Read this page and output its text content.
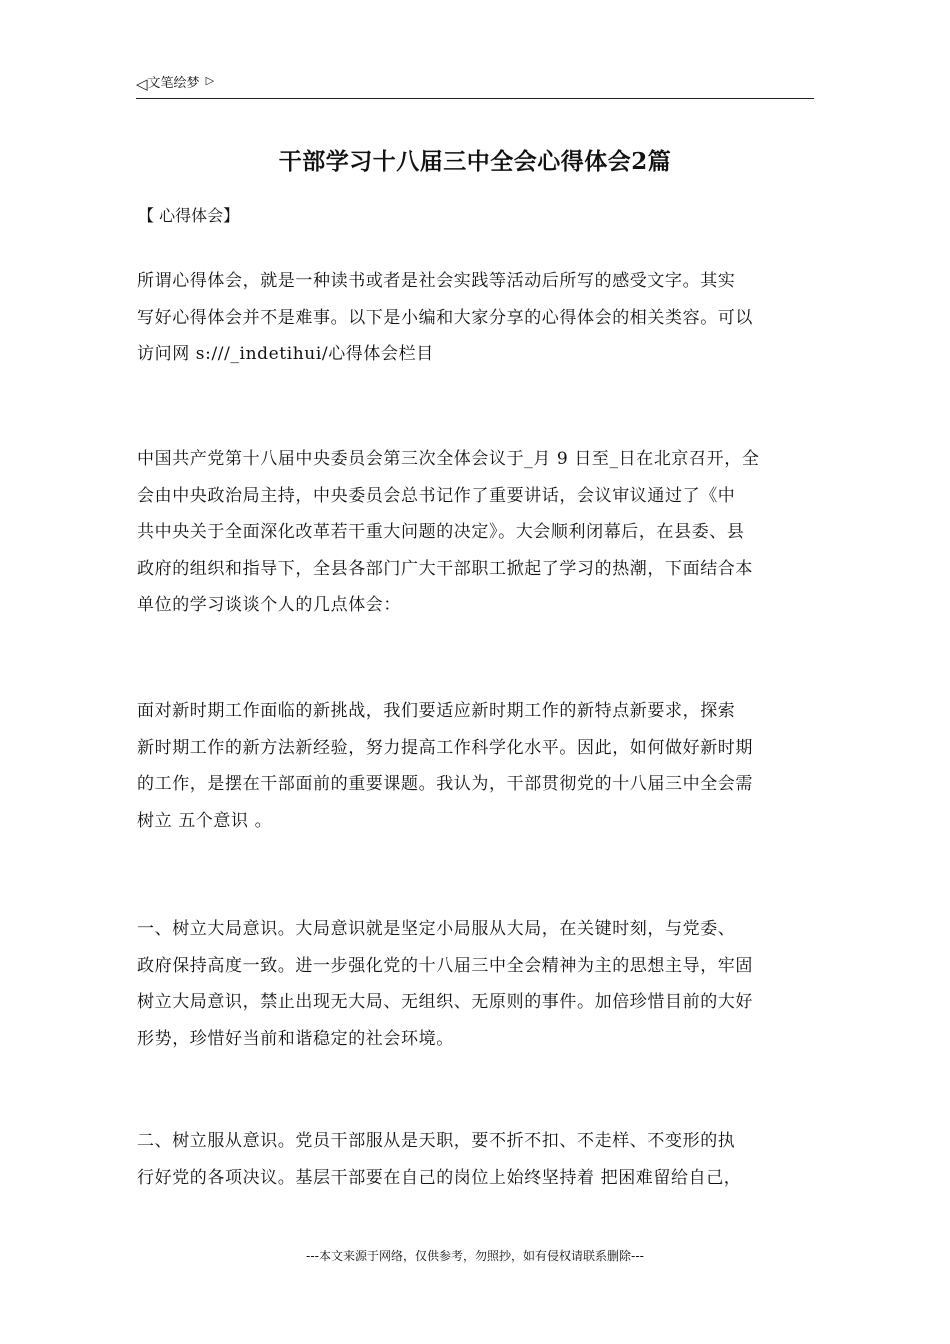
◁文笔绘梦 ▷
干部学习十八届三中全会心得体会2篇
【 心得体会】
所谓心得体会，就是一种读书或者是社会实践等活动后所写的感受文字。其实
写好心得体会并不是难事。以下是小编和大家分享的心得体会的相关类容。可以
访问网 s:///_indetihui/心得体会栏目
中国共产党第十八届中央委员会第三次全体会议于_月 9 日至_日在北京召开，全
会由中央政治局主持，中央委员会总书记作了重要讲话，会议审议通过了《中
共中央关于全面深化改革若干重大问题的决定》。大会顺利闭幕后，在县委、县
政府的组织和指导下，全县各部门广大干部职工掀起了学习的热潮，下面结合本
单位的学习谈谈个人的几点体会：
面对新时期工作面临的新挑战，我们要适应新时期工作的新特点新要求，探索
新时期工作的新方法新经验，努力提高工作科学化水平。因此，如何做好新时期
的工作，是摆在干部面前的重要课题。我认为，干部贯彻党的十八届三中全会需
树立 五个意识 。
一、树立大局意识。大局意识就是坚定小局服从大局，在关键时刻，与党委、
政府保持高度一致。进一步强化党的十八届三中全会精神为主的思想主导，牢固
树立大局意识，禁止出现无大局、无组织、无原则的事件。加倍珍惜目前的大好
形势，珍惜好当前和谐稳定的社会环境。
二、树立服从意识。党员干部服从是天职，要不折不扣、不走样、不变形的执
行好党的各项决议。基层干部要在自己的岗位上始终坚持着 把困难留给自己，
---本文来源于网络，仅供参考，勿照抄，如有侵权请联系删除---
